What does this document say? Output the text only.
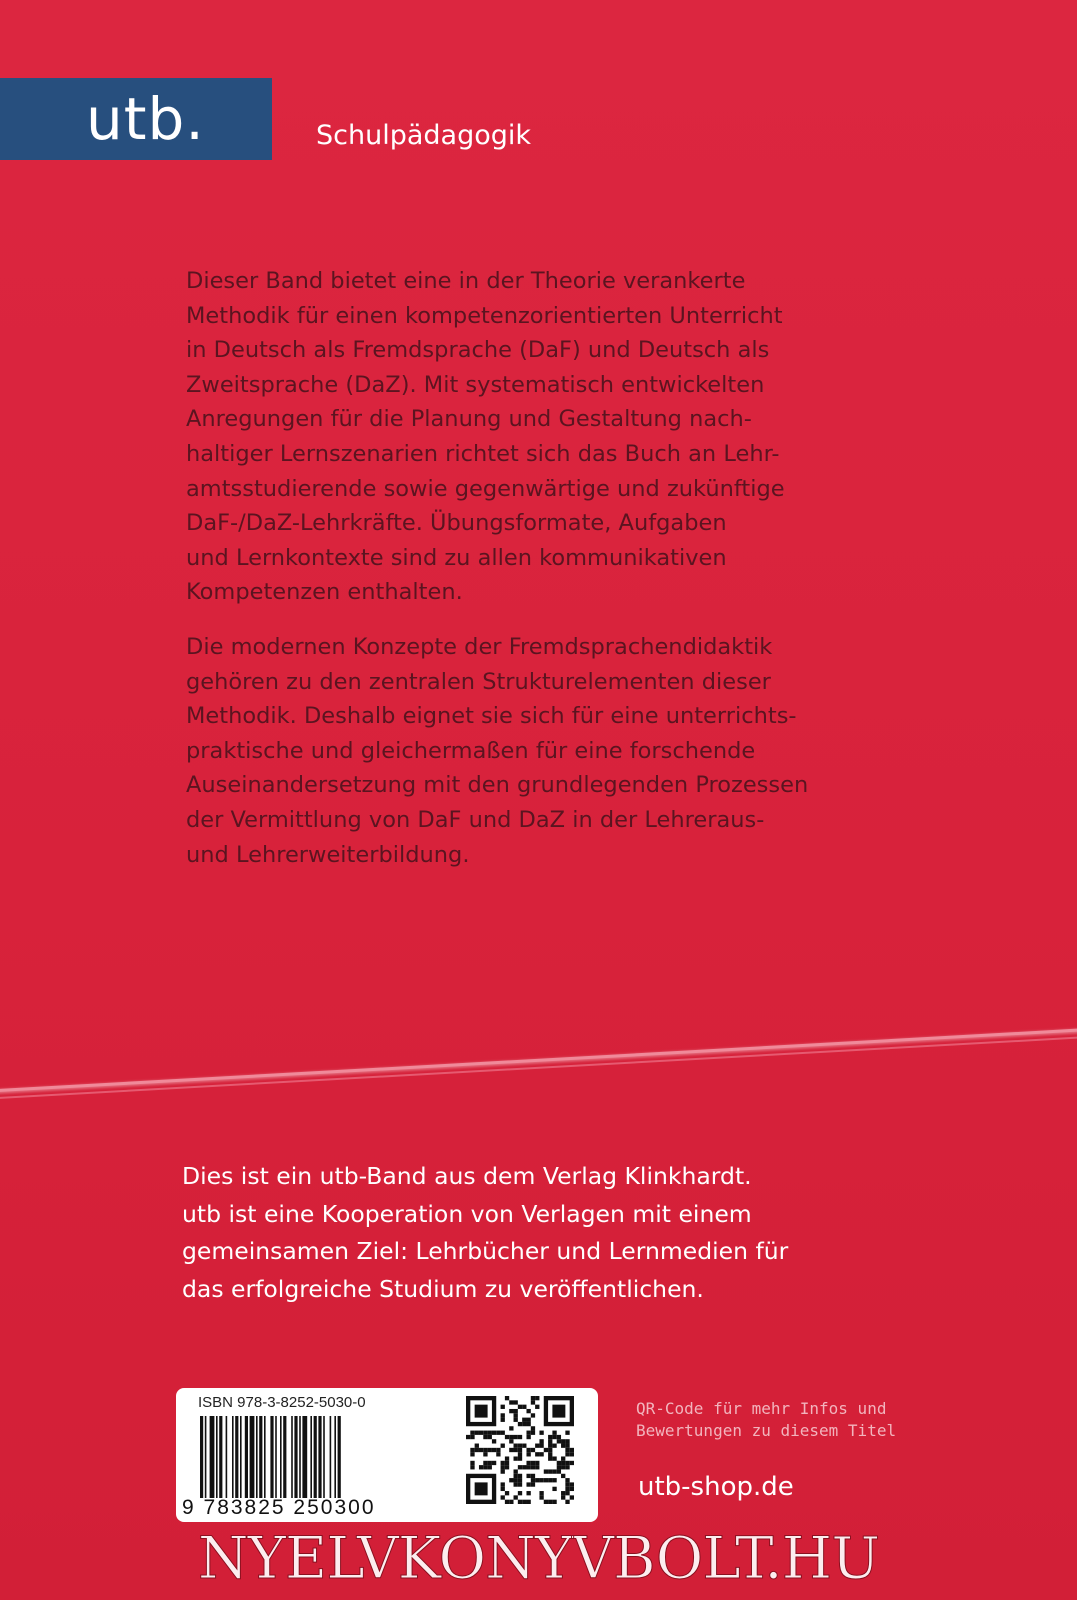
utb.	Schulpädagogik

Dieser Band bietet eine in der Theorie verankerte
Methodik für einen kompetenzorientierten Unterricht
in Deutsch als Fremdsprache (DaF) und Deutsch als
Zweitsprache (DaZ). Mit systematisch entwickelten
Anregungen für die Planung und Gestaltung nach-
haltiger Lernszenarien richtet sich das Buch an Lehr-
amtsstudierende sowie gegenwärtige und zukünftige
DaF-/DaZ-Lehrkräfte. Übungsformate, Aufgaben
und Lernkontexte sind zu allen kommunikativen
Kompetenzen enthalten.

Die modernen Konzepte der Fremdsprachendidaktik
gehören zu den zentralen Strukturelementen dieser
Methodik. Deshalb eignet sie sich für eine unterrichts-
praktische und gleichermaßen für eine forschende
Auseinandersetzung mit den grundlegenden Prozessen
der Vermittlung von DaF und DaZ in der Lehreraus-
und Lehrerweiterbildung.

Dies ist ein utb-Band aus dem Verlag Klinkhardt.
utb ist eine Kooperation von Verlagen mit einem
gemeinsamen Ziel: Lehrbücher und Lernmedien für
das erfolgreiche Studium zu veröffentlichen.
ISBN 978-3-8252-5030-0
9 783825 250300
QR-Code für mehr Infos und
Bewertungen zu diesem Titel
utb-shop.de
NYELVKONYVBOLT.HU
